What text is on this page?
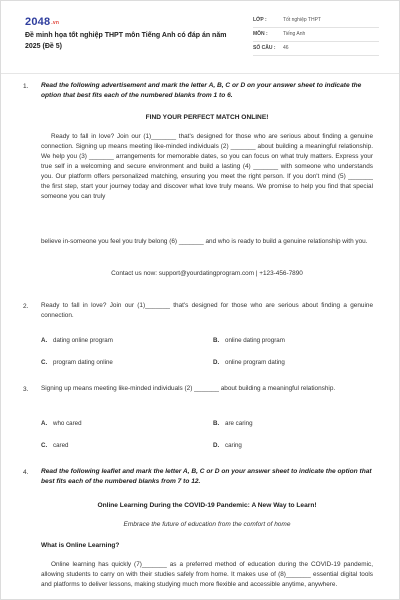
$2048^{.vn}$
Đề minh họa tốt nghiệp THPT môn Tiếng Anh có đáp án năm 2025 (Đề 5)
LỚP :	Tốt nghiệp THPT
MÔN :	Tiếng Anh
SỐ CÂU :	46
1. Read the following advertisement and mark the letter A, B, C or D on your answer sheet to indicate the option that best fits each of the numbered blanks from 1 to 6.
FIND YOUR PERFECT MATCH ONLINE!
Ready to fall in love? Join our (1)_______ that's designed for those who are serious about finding a genuine connection. Signing up means meeting like-minded individuals (2) _______ about building a meaningful relationship. We help you (3) _______ arrangements for memorable dates, so you can focus on what truly matters. Express your true self in a welcoming and secure environment and build a lasting (4) _______ with someone who understands you. Our platform offers personalized matching, ensuring you meet the right person. If you don't mind (5) _______ the first step, start your journey today and discover what love truly means. We promise to help you find that special someone you can truly
believe in-someone you feel you truly belong (6) _______ and who is ready to build a genuine relationship with you.
Contact us now: support@yourdatingprogram.com | +123-456-7890
2. Ready to fall in love? Join our (1)_______ that's designed for those who are serious about finding a genuine connection.
A. dating online program	B. online dating program
C. program dating online	D. online program dating
3. Signing up means meeting like-minded individuals (2) _______ about building a meaningful relationship.
A. who cared	B. are caring
C. cared	D. caring
4. Read the following leaflet and mark the letter A, B, C or D on your answer sheet to indicate the option that best fits each of the numbered blanks from 7 to 12.
Online Learning During the COVID-19 Pandemic: A New Way to Learn!
Embrace the future of education from the comfort of home
What is Online Learning?
Online learning has quickly (7)_______ as a preferred method of education during the COVID-19 pandemic, allowing students to carry on with their studies safely from home. It makes use of (8)_______ essential digital tools and platforms to deliver lessons, making studying much more flexible and accessible anytime, anywhere.
